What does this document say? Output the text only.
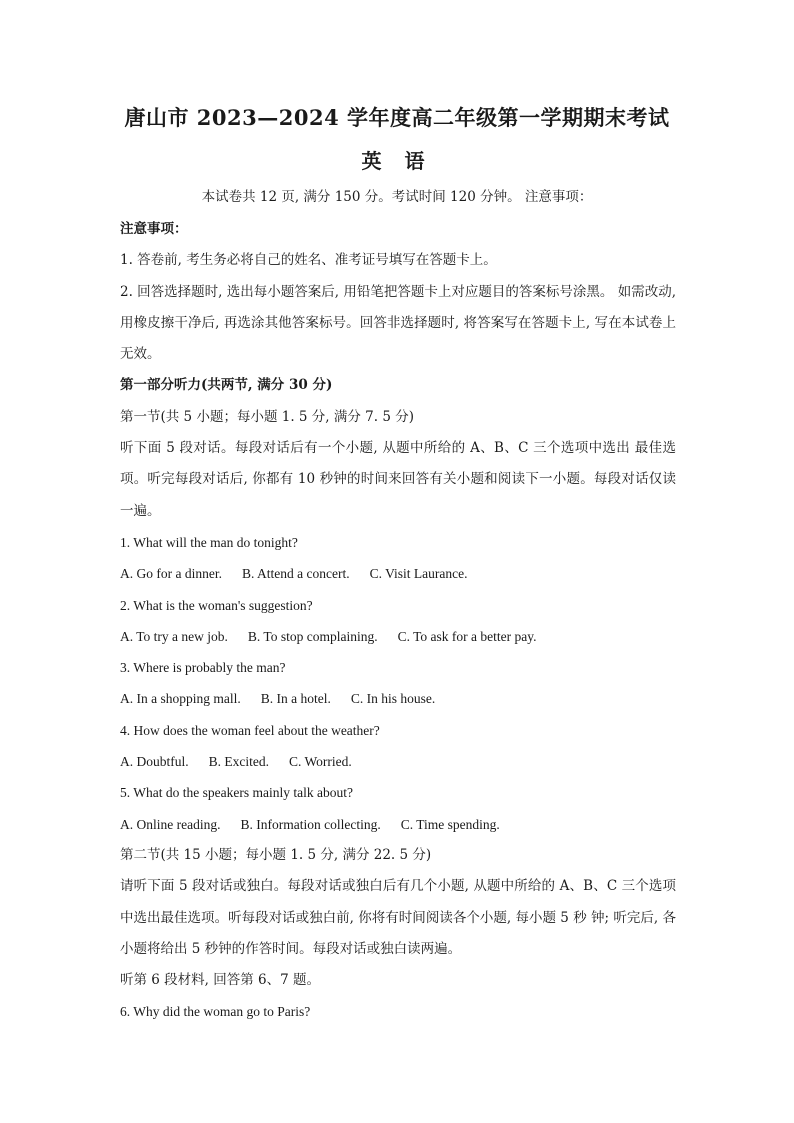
唐山市 2023—2024 学年度高二年级第一学期期末考试
英 语
本试卷共 12 页, 满分 150 分。考试时间 120 分钟。 注意事项：
注意事项：
1. 答卷前, 考生务必将自己的姓名、准考证号填写在答题卡上。
2. 回答选择题时, 选出每小题答案后, 用铅笔把答题卡上对应题目的答案标号涂黑。 如需改动, 用橡皮擦干净后, 再选涂其他答案标号。回答非选择题时, 将答案写在答题卡上, 写在本试卷上无效。
第一部分听力(共两节, 满分 30 分)
第一节(共 5 小题；每小题 1. 5 分, 满分 7. 5 分)
听下面 5 段对话。每段对话后有一个小题, 从题中所给的 A、B、C 三个选项中选出 最佳选项。听完每段对话后, 你都有 10 秒钟的时间来回答有关小题和阅读下一小题。每段对话仅读一遍。
1. What will the man do tonight?
A. Go for a dinner. B. Attend a concert. C. Visit Laurance.
2. What is the woman's suggestion?
A. To try a new job. B. To stop complaining. C. To ask for a better pay.
3. Where is probably the man?
A. In a shopping mall. B. In a hotel. C. In his house.
4. How does the woman feel about the weather?
A. Doubtful. B. Excited. C. Worried.
5. What do the speakers mainly talk about?
A. Online reading. B. Information collecting. C. Time spending.
第二节(共 15 小题；每小题 1. 5 分, 满分 22. 5 分)
请听下面 5 段对话或独白。每段对话或独白后有几个小题, 从题中所给的 A、B、C 三个选项中选出最佳选项。听每段对话或独白前, 你将有时间阅读各个小题, 每小题 5 秒 钟; 听完后, 各小题将给出 5 秒钟的作答时间。每段对话或独白读两遍。
听第 6 段材料, 回答第 6、7 题。
6. Why did the woman go to Paris?
